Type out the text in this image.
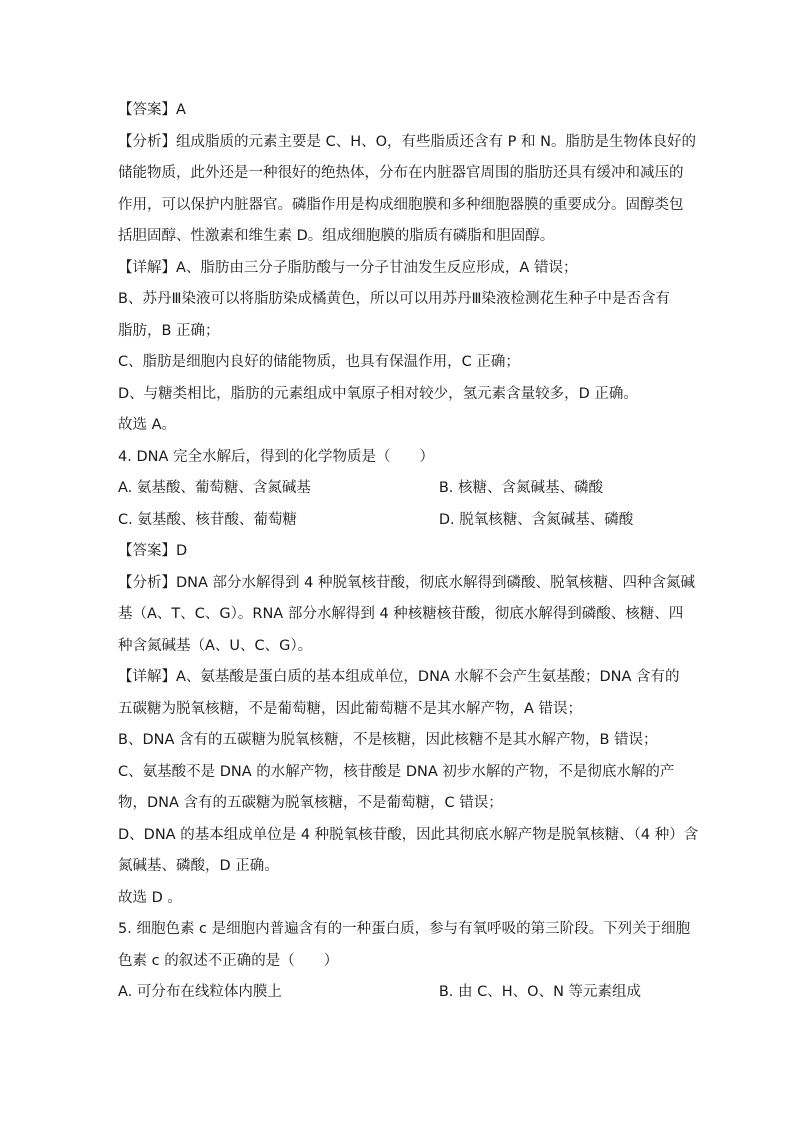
【答案】A
【分析】组成脂质的元素主要是 C、H、O，有些脂质还含有 P 和 N。脂肪是生物体良好的
储能物质，此外还是一种很好的绝热体，分布在内脏器官周围的脂肪还具有缓冲和减压的
作用，可以保护内脏器官。磷脂作用是构成细胞膜和多种细胞器膜的重要成分。固醇类包
括胆固醇、性激素和维生素 D。组成细胞膜的脂质有磷脂和胆固醇。
【详解】A、脂肪由三分子脂肪酸与一分子甘油发生反应形成，A 错误；
B、苏丹Ⅲ染液可以将脂肪染成橘黄色，所以可以用苏丹Ⅲ染液检测花生种子中是否含有
脂肪，B 正确；
C、脂肪是细胞内良好的储能物质，也具有保温作用，C 正确；
D、与糖类相比，脂肪的元素组成中氧原子相对较少，氢元素含量较多，D 正确。
故选 A。
4. DNA 完全水解后，得到的化学物质是（　　）
A. 氨基酸、葡萄糖、含氮碱基	B. 核糖、含氮碱基、磷酸
C. 氨基酸、核苷酸、葡萄糖	D. 脱氧核糖、含氮碱基、磷酸
【答案】D
【分析】DNA 部分水解得到 4 种脱氧核苷酸，彻底水解得到磷酸、脱氧核糖、四种含氮碱
基（A、T、C、G）。RNA 部分水解得到 4 种核糖核苷酸，彻底水解得到磷酸、核糖、四
种含氮碱基（A、U、C、G）。
【详解】A、氨基酸是蛋白质的基本组成单位，DNA 水解不会产生氨基酸；DNA 含有的
五碳糖为脱氧核糖，不是葡萄糖，因此葡萄糖不是其水解产物，A 错误；
B、DNA 含有的五碳糖为脱氧核糖，不是核糖，因此核糖不是其水解产物，B 错误；
C、氨基酸不是 DNA 的水解产物，核苷酸是 DNA 初步水解的产物，不是彻底水解的产
物，DNA 含有的五碳糖为脱氧核糖，不是葡萄糖，C 错误；
D、DNA 的基本组成单位是 4 种脱氧核苷酸，因此其彻底水解产物是脱氧核糖、（4 种）含
氮碱基、磷酸，D 正确。
故选 D 。
5. 细胞色素 c 是细胞内普遍含有的一种蛋白质，参与有氧呼吸的第三阶段。下列关于细胞
色素 c 的叙述不正确的是（　　）
A. 可分布在线粒体内膜上	B. 由 C、H、O、N 等元素组成
